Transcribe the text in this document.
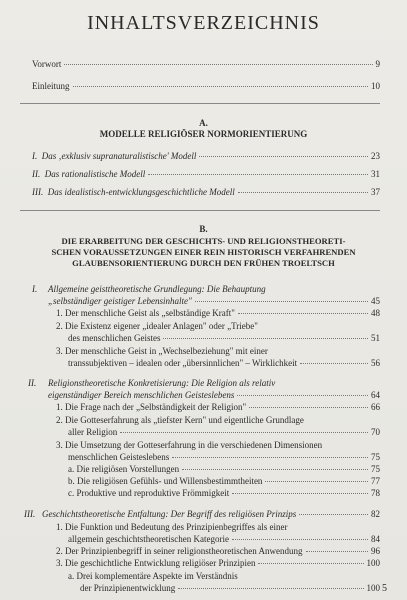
INHALTSVERZEICHNIS
Vorwort	9
Einleitung	10
A.
MODELLE RELIGIÖSER NORMORIENTIERUNG
I. Das ‚exklusiv supranaturalistische' Modell	23
II. Das rationalistische Modell	31
III. Das idealistisch-entwicklungsgeschichtliche Modell	37
B.
DIE ERARBEITUNG DER GESCHICHTS- UND RELIGIONSTHEORETI-
SCHEN VORAUSSETZUNGEN EINER REIN HISTORISCH VERFAHRENDEN
GLAUBENSORIENTIERUNG DURCH DEN FRÜHEN TROELTSCH
I. Allgemeine geisttheoretische Grundlegung: Die Behauptung
„selbständiger geistiger Lebensinhalte"	45
1. Der menschliche Geist als „selbständige Kraft"	48
2. Die Existenz eigener „idealer Anlagen" oder „Triebe"
des menschlichen Geistes	51
3. Der menschliche Geist in „Wechselbeziehung" mit einer
transsubjektiven – idealen oder „übersinnlichen" – Wirklichkeit	56
II. Religionstheoretische Konkretisierung: Die Religion als relativ
eigenständiger Bereich menschlichen Geisteslebens	64
1. Die Frage nach der „Selbständigkeit der Religion"	66
2. Die Gotteserfahrung als „tiefster Kern" und eigentliche Grundlage
aller Religion	70
3. Die Umsetzung der Gotteserfahrung in die verschiedenen Dimensionen
menschlichen Geisteslebens	75
a. Die religiösen Vorstellungen	75
b. Die religiösen Gefühls- und Willensbestimmtheiten	77
c. Produktive und reproduktive Frömmigkeit	78
III. Geschichtstheoretische Entfaltung: Der Begriff des religiösen Prinzips	82
1. Die Funktion und Bedeutung des Prinzipienbegriffes als einer
allgemein geschichtstheoretischen Kategorie	84
2. Der Prinzipienbegriff in seiner religionstheoretischen Anwendung	96
3. Die geschichtliche Entwicklung religiöser Prinzipien	100
a. Drei komplementäre Aspekte im Verständnis
der Prinzipienentwicklung	100 5
